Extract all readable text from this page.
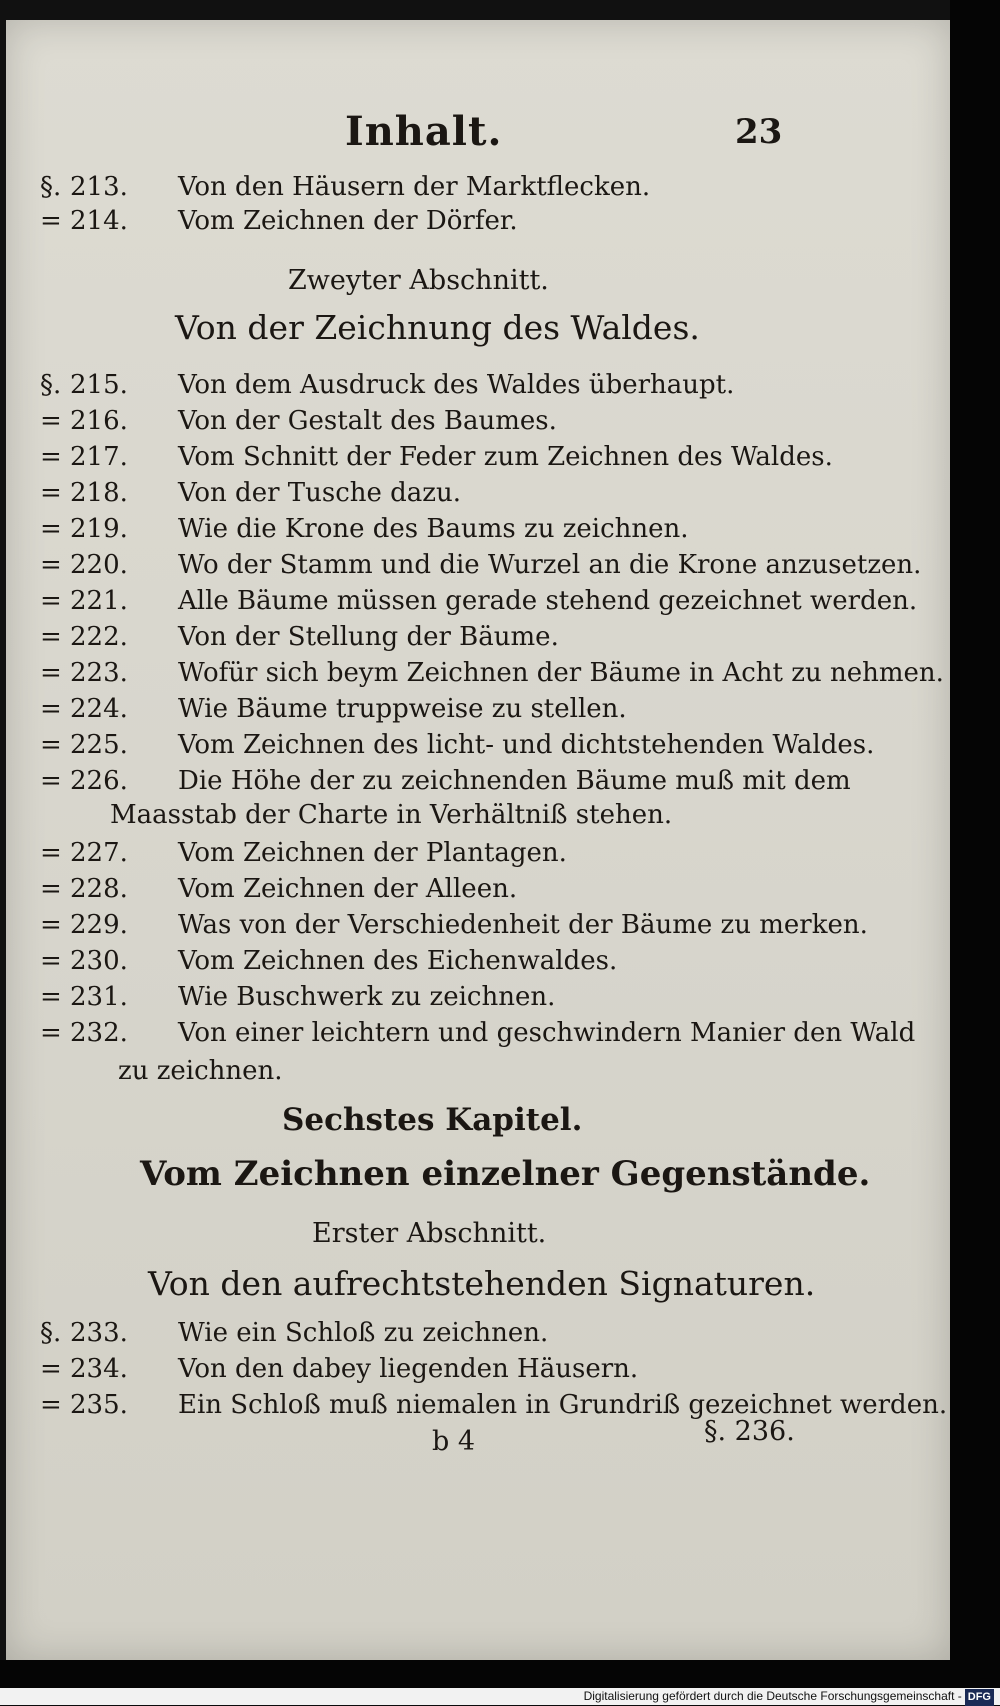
Inhalt.	23
§. 213. Von den Häusern der Marktflecken.
= 214. Vom Zeichnen der Dörfer.
Zweyter Abschnitt.
Von der Zeichnung des Waldes.
§. 215. Von dem Ausdruck des Waldes überhaupt.
= 216. Von der Gestalt des Baumes.
= 217. Vom Schnitt der Feder zum Zeichnen des Waldes.
= 218. Von der Tusche dazu.
= 219. Wie die Krone des Baums zu zeichnen.
= 220. Wo der Stamm und die Wurzel an die Krone anzusetzen.
= 221. Alle Bäume müssen gerade stehend gezeichnet werden.
= 222. Von der Stellung der Bäume.
= 223. Wofür sich beym Zeichnen der Bäume in Acht zu nehmen.
= 224. Wie Bäume truppweise zu stellen.
= 225. Vom Zeichnen des licht- und dichtstehenden Waldes.
= 226. Die Höhe der zu zeichnenden Bäume muß mit dem
Maasstab der Charte in Verhältniß stehen.
= 227. Vom Zeichnen der Plantagen.
= 228. Vom Zeichnen der Alleen.
= 229. Was von der Verschiedenheit der Bäume zu merken.
= 230. Vom Zeichnen des Eichenwaldes.
= 231. Wie Buschwerk zu zeichnen.
= 232. Von einer leichtern und geschwindern Manier den Wald
zu zeichnen.
Sechstes Kapitel.
Vom Zeichnen einzelner Gegenstände.
Erster Abschnitt.
Von den aufrechtstehenden Signaturen.
§. 233. Wie ein Schloß zu zeichnen.
= 234. Von den dabey liegenden Häusern.
= 235. Ein Schloß muß niemalen in Grundriß gezeichnet werden.
b 4	§. 236.
Digitalisierung gefördert durch die Deutsche Forschungsgemeinschaft - DFG
